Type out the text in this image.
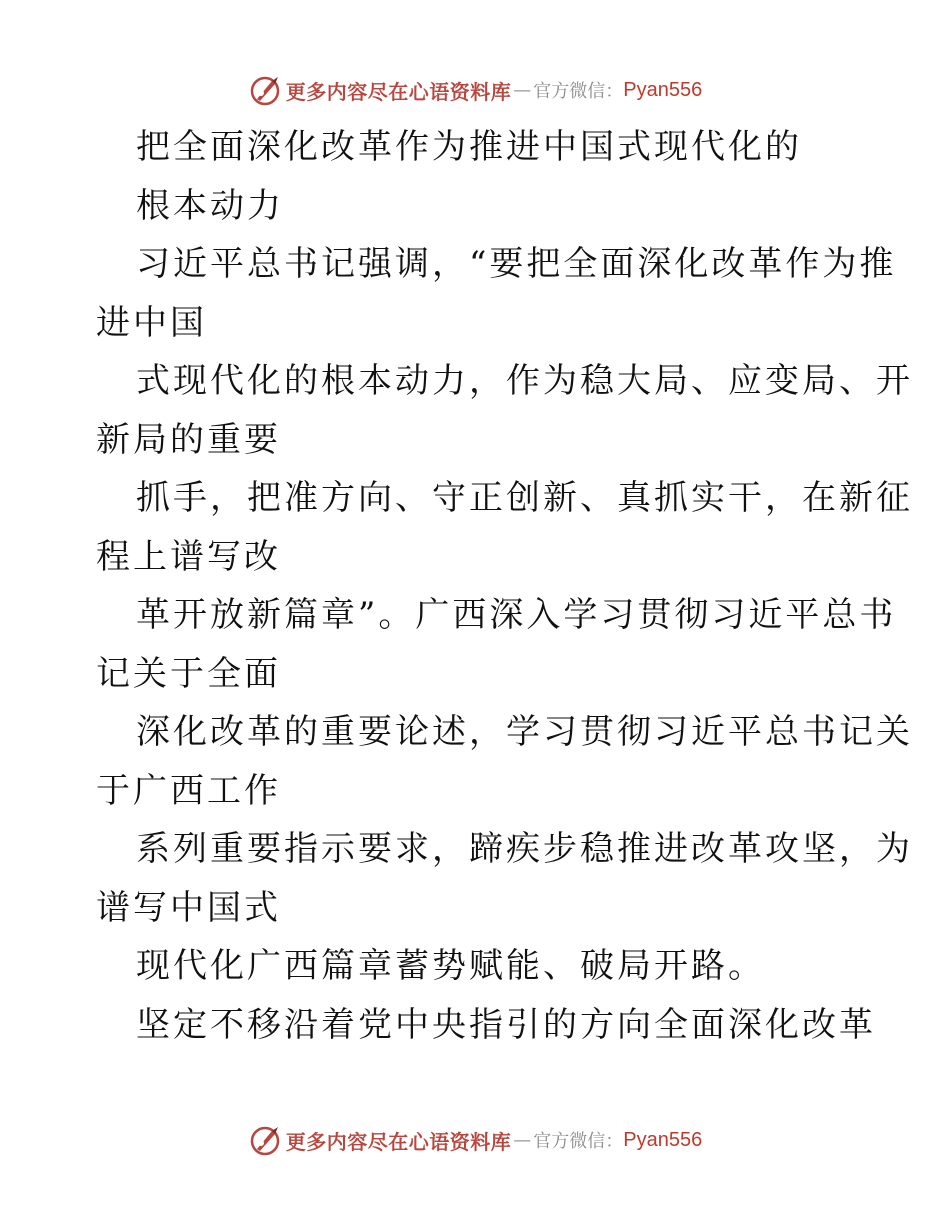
更多内容尽在心语资料库 — 官方微信： Pyan556
把全面深化改革作为推进中国式现代化的
根本动力
习近平总书记强调，“要把全面深化改革作为推
进中国
式现代化的根本动力，作为稳大局、应变局、开
新局的重要
抓手，把准方向、守正创新、真抓实干，在新征
程上谱写改
革开放新篇章”。广西深入学习贯彻习近平总书
记关于全面
深化改革的重要论述，学习贯彻习近平总书记关
于广西工作
系列重要指示要求，蹄疾步稳推进改革攻坚，为
谱写中国式
现代化广西篇章蓄势赋能、破局开路。
坚定不移沿着党中央指引的方向全面深化改革
更多内容尽在心语资料库 — 官方微信： Pyan556
